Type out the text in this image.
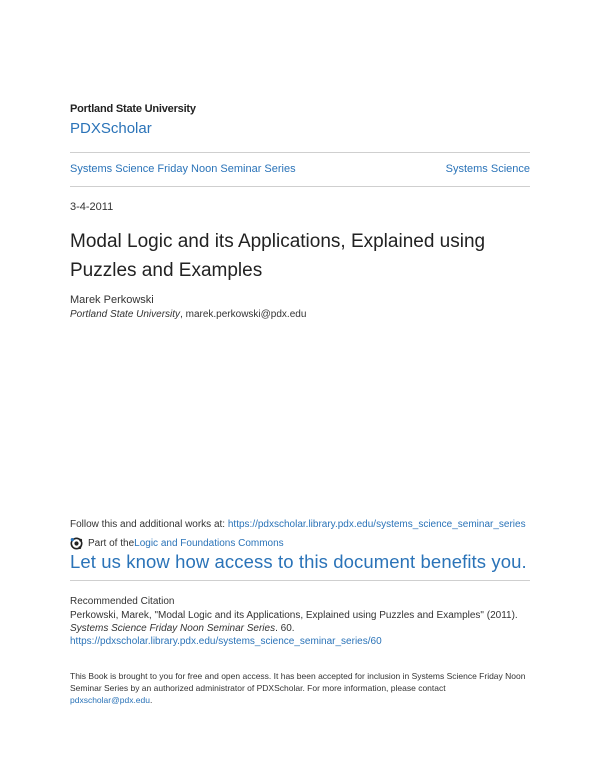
Portland State University
PDXScholar
Systems Science Friday Noon Seminar Series	Systems Science
3-4-2011
Modal Logic and its Applications, Explained using Puzzles and Examples
Marek Perkowski
Portland State University, marek.perkowski@pdx.edu
Follow this and additional works at: https://pdxscholar.library.pdx.edu/systems_science_seminar_series
Part of the Logic and Foundations Commons
Let us know how access to this document benefits you.
Recommended Citation
Perkowski, Marek, "Modal Logic and its Applications, Explained using Puzzles and Examples" (2011).
Systems Science Friday Noon Seminar Series. 60.
https://pdxscholar.library.pdx.edu/systems_science_seminar_series/60
This Book is brought to you for free and open access. It has been accepted for inclusion in Systems Science Friday Noon Seminar Series by an authorized administrator of PDXScholar. For more information, please contact pdxscholar@pdx.edu.
